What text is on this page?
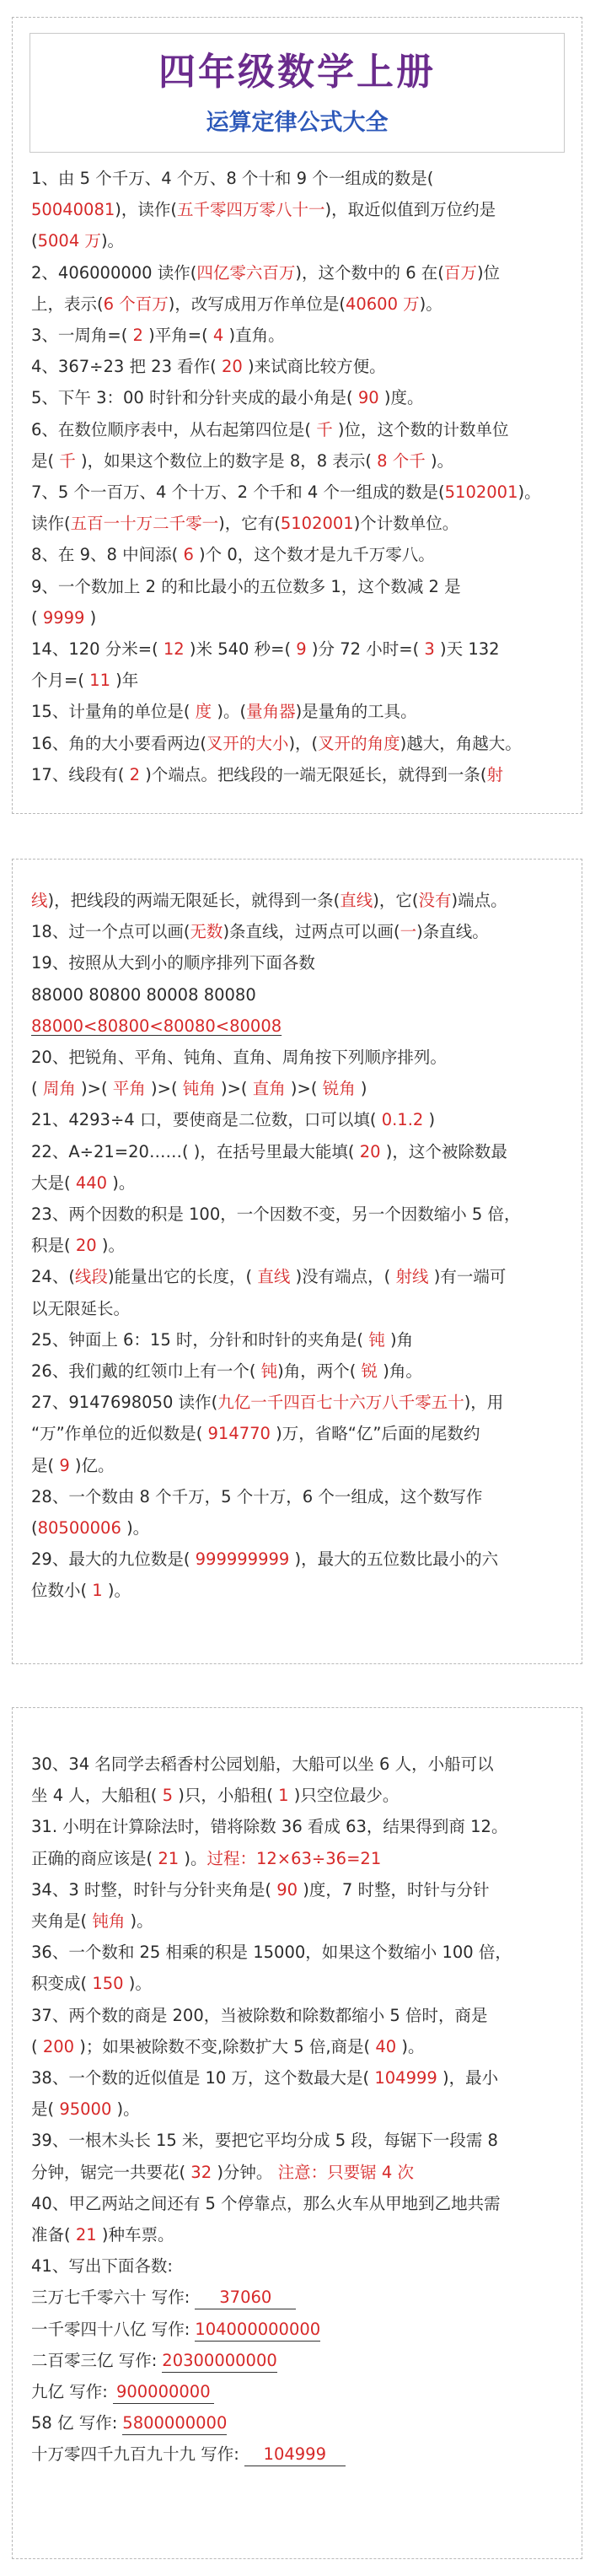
四年级数学上册
运算定律公式大全

1、由 5 个千万、4 个万、8 个十和 9 个一组成的数是(

50040081)，读作(五千零四万零八十一)，取近似值到万位约是

(5004 万)。

2、406000000 读作(四亿零六百万)，这个数中的 6 在(百万)位

上，表示(6 个百万)，改写成用万作单位是(40600 万)。

3、一周角=( 2 )平角=( 4 )直角。

4、367÷23 把 23 看作( 20 )来试商比较方便。

5、下午 3：00 时针和分针夹成的最小角是( 90 )度。

6、在数位顺序表中，从右起第四位是( 千 )位，这个数的计数单位

是( 千 )，如果这个数位上的数字是 8，8 表示( 8 个千 )。

7、5 个一百万、4 个十万、2 个千和 4 个一组成的数是(5102001)。

读作(五百一十万二千零一)，它有(5102001)个计数单位。

8、在 9、8 中间添( 6 )个 0，这个数才是九千万零八。

9、一个数加上 2 的和比最小的五位数多 1，这个数减 2 是

( 9999 )

14、120 分米=( 12 )米 540 秒=( 9 )分 72 小时=( 3 )天 132

个月=( 11 )年

15、计量角的单位是( 度 )。(量角器)是量角的工具。

16、角的大小要看两边(叉开的大小)，(叉开的角度)越大，角越大。

17、线段有( 2 )个端点。把线段的一端无限延长，就得到一条(射

线)，把线段的两端无限延长，就得到一条(直线)，它(没有)端点。

18、过一个点可以画(无数)条直线，过两点可以画(一)条直线。

19、按照从大到小的顺序排列下面各数

88000 80800 80008 80080

88000<80800<80080<80008

20、把锐角、平角、钝角、直角、周角按下列顺序排列。

( 周角 )>( 平角 )>( 钝角 )>( 直角 )>( 锐角 )

21、4293÷4 口，要使商是二位数，口可以填( 0.1.2 )

22、A÷21=20……( )，在括号里最大能填( 20 )，这个被除数最

大是( 440 )。

23、两个因数的积是 100，一个因数不变，另一个因数缩小 5 倍，

积是( 20 )。

24、(线段)能量出它的长度，( 直线 )没有端点，( 射线 )有一端可

以无限延长。

25、钟面上 6：15 时，分针和时针的夹角是( 钝 )角

26、我们戴的红领巾上有一个( 钝)角，两个( 锐 )角。

27、9147698050 读作(九亿一千四百七十六万八千零五十)，用

“万”作单位的近似数是( 914770 )万，省略“亿”后面的尾数约

是( 9 )亿。

28、一个数由 8 个千万，5 个十万，6 个一组成，这个数写作

(80500006 )。

29、最大的九位数是( 999999999 )，最大的五位数比最小的六

位数小( 1 )。

30、34 名同学去稻香村公园划船，大船可以坐 6 人，小船可以

坐 4 人，大船租( 5 )只，小船租( 1 )只空位最少。

31. 小明在计算除法时，错将除数 36 看成 63，结果得到商 12。

正确的商应该是( 21 )。过程：12×63÷36=21

34、3 时整，时针与分针夹角是( 90 )度，7 时整，时针与分针

夹角是( 钝角 )。

36、一个数和 25 相乘的积是 15000，如果这个数缩小 100 倍，

积变成( 150 )。

37、两个数的商是 200，当被除数和除数都缩小 5 倍时，商是

( 200 )；如果被除数不变,除数扩大 5 倍,商是( 40 )。

38、一个数的近似值是 10 万，这个数最大是( 104999 )，最小

是( 95000 )。

39、一根木头长 15 米，要把它平均分成 5 段，每锯下一段需 8

分钟，锯完一共要花( 32 )分钟。 注意：只要锯 4 次

40、甲乙两站之间还有 5 个停靠点，那么火车从甲地到乙地共需

准备( 21 )种车票。

41、写出下面各数:

三万七千零六十 写作: 37060

一千零四十八亿 写作: 104000000000

二百零三亿 写作: 20300000000

九亿 写作: 900000000

58 亿 写作: 5800000000

十万零四千九百九十九 写作: 104999
